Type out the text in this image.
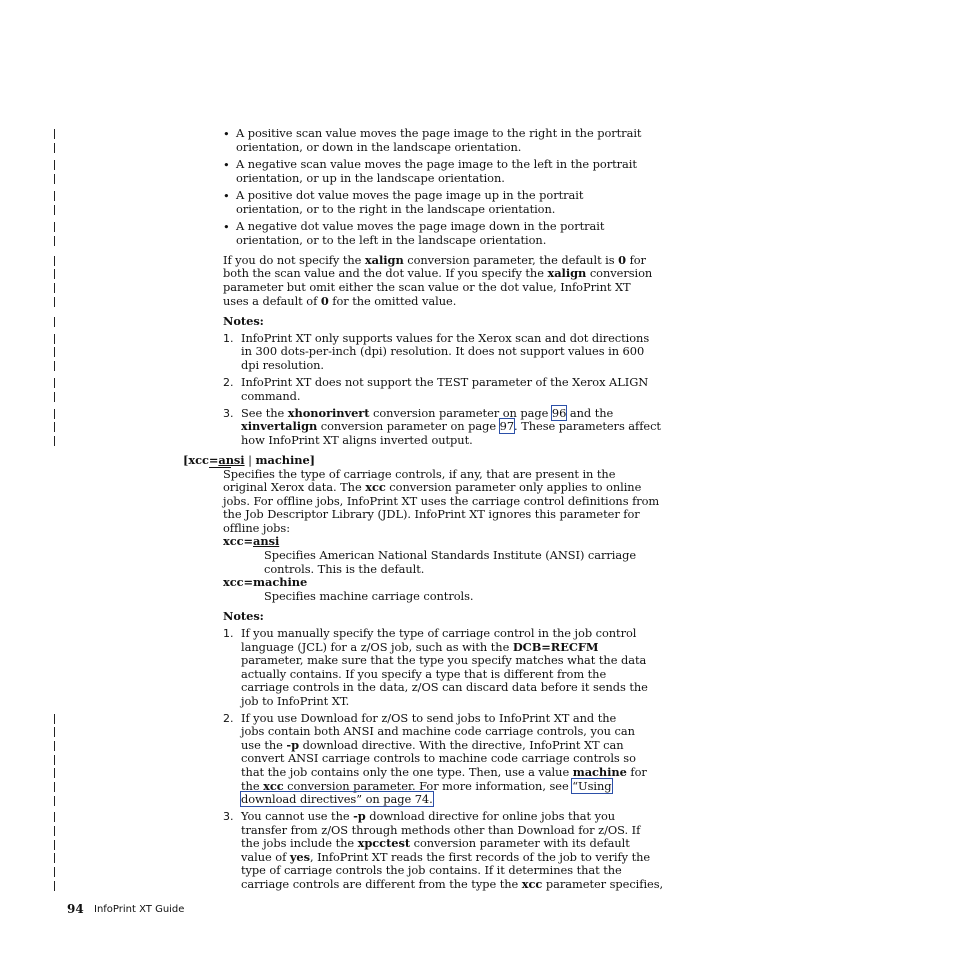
• A positive scan value moves the page image to the right in the portrait
orientation, or down in the landscape orientation.
• A negative scan value moves the page image to the left in the portrait
orientation, or up in the landscape orientation.
• A positive dot value moves the page image up in the portrait
orientation, or to the right in the landscape orientation.
• A negative dot value moves the page image down in the portrait
orientation, or to the left in the landscape orientation.
If you do not specify the xalign conversion parameter, the default is 0 for
both the scan value and the dot value. If you specify the xalign conversion
parameter but omit either the scan value or the dot value, InfoPrint XT
uses a default of 0 for the omitted value.
Notes:
1. InfoPrint XT only supports values for the Xerox scan and dot directions
in 300 dots-per-inch (dpi) resolution. It does not support values in 600
dpi resolution.
2. InfoPrint XT does not support the TEST parameter of the Xerox ALIGN
command.
3. See the xhonorinvert conversion parameter on page 96 and the
xinvertalign conversion parameter on page 97. These parameters affect
how InfoPrint XT aligns inverted output.
[xcc=ansi | machine]
Specifies the type of carriage controls, if any, that are present in the
original Xerox data. The xcc conversion parameter only applies to online
jobs. For offline jobs, InfoPrint XT uses the carriage control definitions from
the Job Descriptor Library (JDL). InfoPrint XT ignores this parameter for
offline jobs:
xcc=ansi
Specifies American National Standards Institute (ANSI) carriage
controls. This is the default.
xcc=machine
Specifies machine carriage controls.
Notes:
1. If you manually specify the type of carriage control in the job control
language (JCL) for a z/OS job, such as with the DCB=RECFM
parameter, make sure that the type you specify matches what the data
actually contains. If you specify a type that is different from the
carriage controls in the data, z/OS can discard data before it sends the
job to InfoPrint XT.
2. If you use Download for z/OS to send jobs to InfoPrint XT and the
jobs contain both ANSI and machine code carriage controls, you can
use the -p download directive. With the directive, InfoPrint XT can
convert ANSI carriage controls to machine code carriage controls so
that the job contains only the one type. Then, use a value machine for
the xcc conversion parameter. For more information, see “Using
download directives” on page 74.
3. You cannot use the -p download directive for online jobs that you
transfer from z/OS through methods other than Download for z/OS. If
the jobs include the xpcctest conversion parameter with its default
value of yes, InfoPrint XT reads the first records of the job to verify the
type of carriage controls the job contains. If it determines that the
carriage controls are different from the type the xcc parameter specifies,
94 InfoPrint XT Guide
